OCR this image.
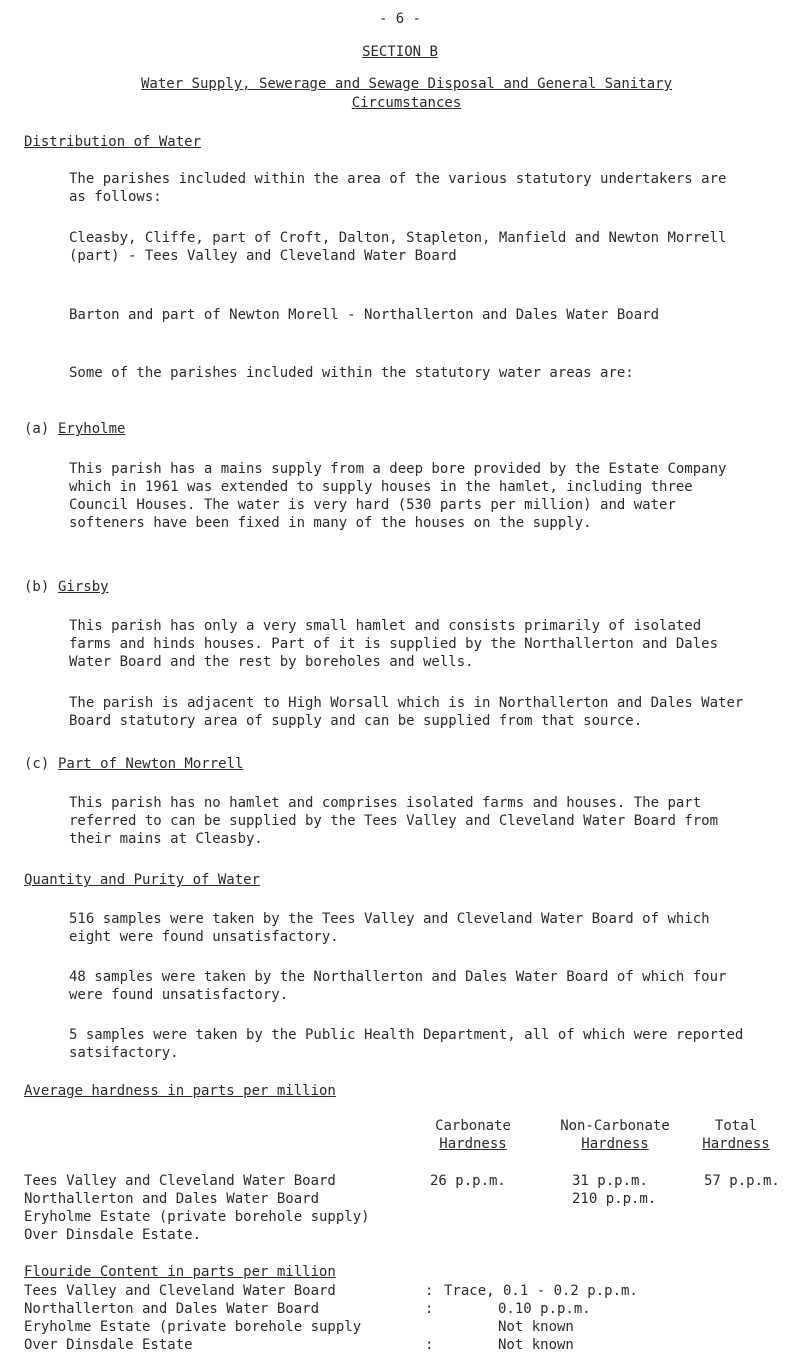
- 6 -
SECTION B
Water Supply, Sewerage and Sewage Disposal and General Sanitary
Circumstances
Distribution of Water
The parishes included within the area of the various statutory undertakers are as follows:
Cleasby, Cliffe, part of Croft, Dalton, Stapleton, Manfield and Newton Morrell (part) - Tees Valley and Cleveland Water Board
Barton and part of Newton Morell - Northallerton and Dales Water Board
Some of the parishes included within the statutory water areas are:
(a) Eryholme
This parish has a mains supply from a deep bore provided by the Estate Company which in 1961 was extended to supply houses in the hamlet, including three Council Houses. The water is very hard (530 parts per million) and water softeners have been fixed in many of the houses on the supply.
(b) Girsby
This parish has only a very small hamlet and consists primarily of isolated farms and hinds houses. Part of it is supplied by the Northallerton and Dales Water Board and the rest by boreholes and wells.
The parish is adjacent to High Worsall which is in Northallerton and Dales Water Board statutory area of supply and can be supplied from that source.
(c) Part of Newton Morrell
This parish has no hamlet and comprises isolated farms and houses. The part referred to can be supplied by the Tees Valley and Cleveland Water Board from their mains at Cleasby.
Quantity and Purity of Water
516 samples were taken by the Tees Valley and Cleveland Water Board of which eight were found unsatisfactory.
48 samples were taken by the Northallerton and Dales Water Board of which four were found unsatisfactory.
5 samples were taken by the Public Health Department, all of which were reported satsifactory.
Average hardness in parts per million
Carbonate
Hardness
Non-Carbonate
Hardness
Total
Hardness
Tees Valley and Cleveland Water Board
Northallerton and Dales Water Board
Eryholme Estate (private borehole supply)
Over Dinsdale Estate.
26 p.p.m.	31 p.p.m.
210 p.p.m.
57 p.p.m.
Flouride Content in parts per million
Tees Valley and Cleveland Water Board
Northallerton and Dales Water Board
Eryholme Estate (private borehole supply
Over Dinsdale Estate
:
:
:
Trace, 0.1 - 0.2 p.p.m.
0.10 p.p.m.
Not known
Not known
